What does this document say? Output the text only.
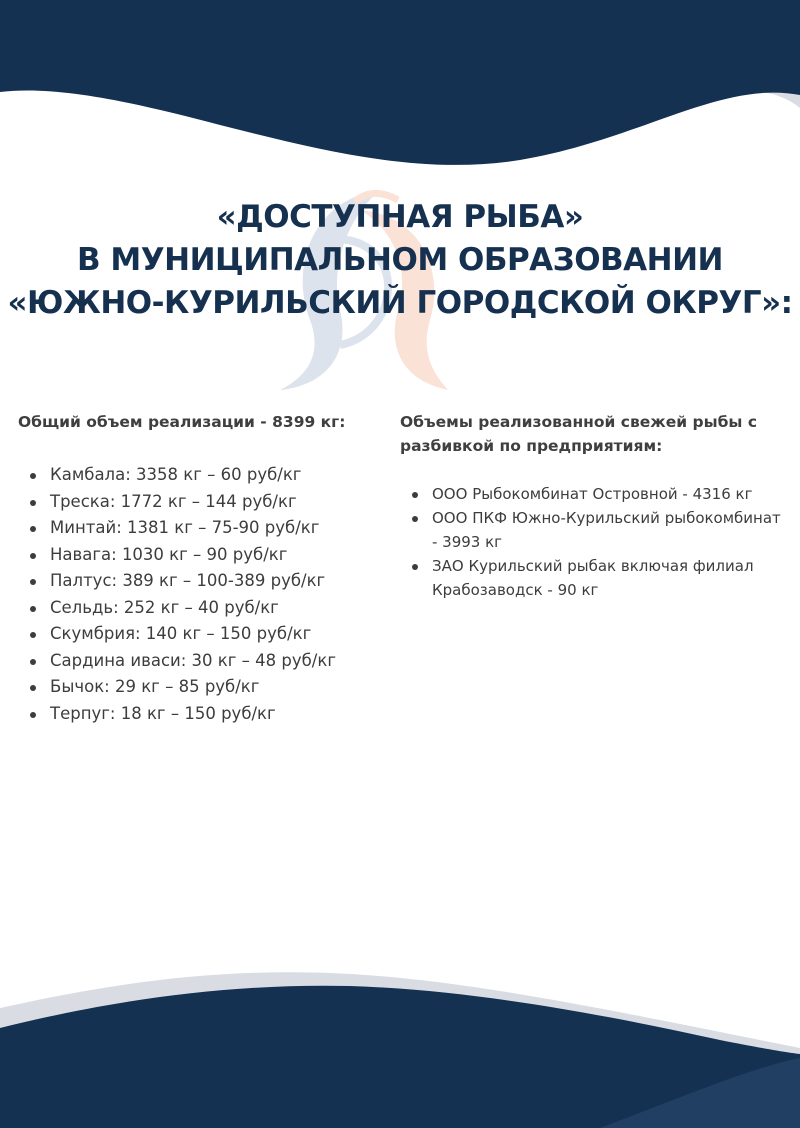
«ДОСТУПНАЯ РЫБА»
В МУНИЦИПАЛЬНОМ ОБРАЗОВАНИИ
«ЮЖНО-КУРИЛЬСКИЙ ГОРОДСКОЙ ОКРУГ»:

Общий объем реализации - 8399 кг:

Камбала: 3358 кг – 60 руб/кг
Треска: 1772 кг – 144 руб/кг
Минтай: 1381 кг – 75-90 руб/кг
Навага: 1030 кг – 90 руб/кг
Палтус: 389 кг – 100-389 руб/кг
Сельдь: 252 кг – 40 руб/кг
Скумбрия: 140 кг – 150 руб/кг
Сардина иваси: 30 кг – 48 руб/кг
Бычок: 29 кг – 85 руб/кг
Терпуг: 18 кг – 150 руб/кг

Объемы реализованной свежей рыбы с разбивкой по предприятиям:

ООО Рыбокомбинат Островной - 4316 кг
ООО ПКФ Южно-Курильский рыбокомбинат - 3993 кг
ЗАО Курильский рыбак включая филиал Крабозаводск - 90 кг
